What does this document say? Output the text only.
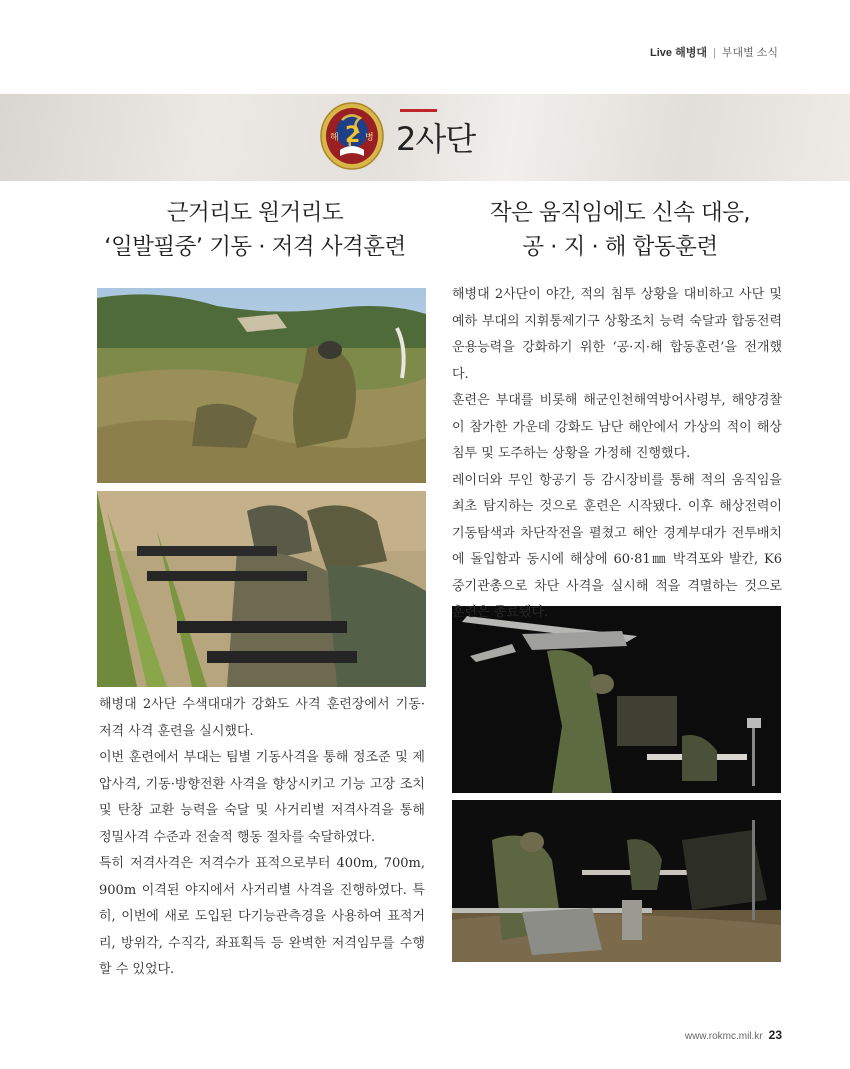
Live 해병대 | 부대별 소식
해	병
2 2사단
근거리도 원거리도
‘일발필중’ 기동 · 저격 사격훈련
작은 움직임에도 신속 대응,
공 · 지 · 해 합동훈련

해병대 2사단 수색대대가 강화도 사격 훈련장에서 기동·저격 사격 훈련을 실시했다.

이번 훈련에서 부대는 팀별 기동사격을 통해 정조준 및 제압사격, 기동·방향전환 사격을 향상시키고 기능 고장 조치 및 탄창 교환 능력을 숙달 및 사거리별 저격사격을 통해 정밀사격 수준과 전술적 행동 절차를 숙달하였다.

특히 저격사격은 저격수가 표적으로부터 400m, 700m, 900m 이격된 야지에서 사거리별 사격을 진행하였다. 특히, 이번에 새로 도입된 다기능관측경을 사용하여 표적거리, 방위각, 수직각, 좌표획득 등 완벽한 저격임무를 수행할 수 있었다.

해병대 2사단이 야간, 적의 침투 상황을 대비하고 사단 및 예하 부대의 지휘통제기구 상황조치 능력 숙달과 합동전력 운용능력을 강화하기 위한 ‘공·지·해 합동훈련’을 전개했다.

훈련은 부대를 비롯해 해군인천해역방어사령부, 해양경찰이 참가한 가운데 강화도 남단 해안에서 가상의 적이 해상침투 및 도주하는 상황을 가정해 진행했다.

레이더와 무인 항공기 등 감시장비를 통해 적의 움직임을 최초 탐지하는 것으로 훈련은 시작됐다. 이후 해상전력이 기동탐색과 차단작전을 펼쳤고 해안 경계부대가 전투배치에 돌입함과 동시에 해상에 60·81㎜ 박격포와 발칸, K6 중기관총으로 차단 사격을 실시해 적을 격멸하는 것으로 훈련은 종료됐다.

www.rokmc.mil.kr 23
